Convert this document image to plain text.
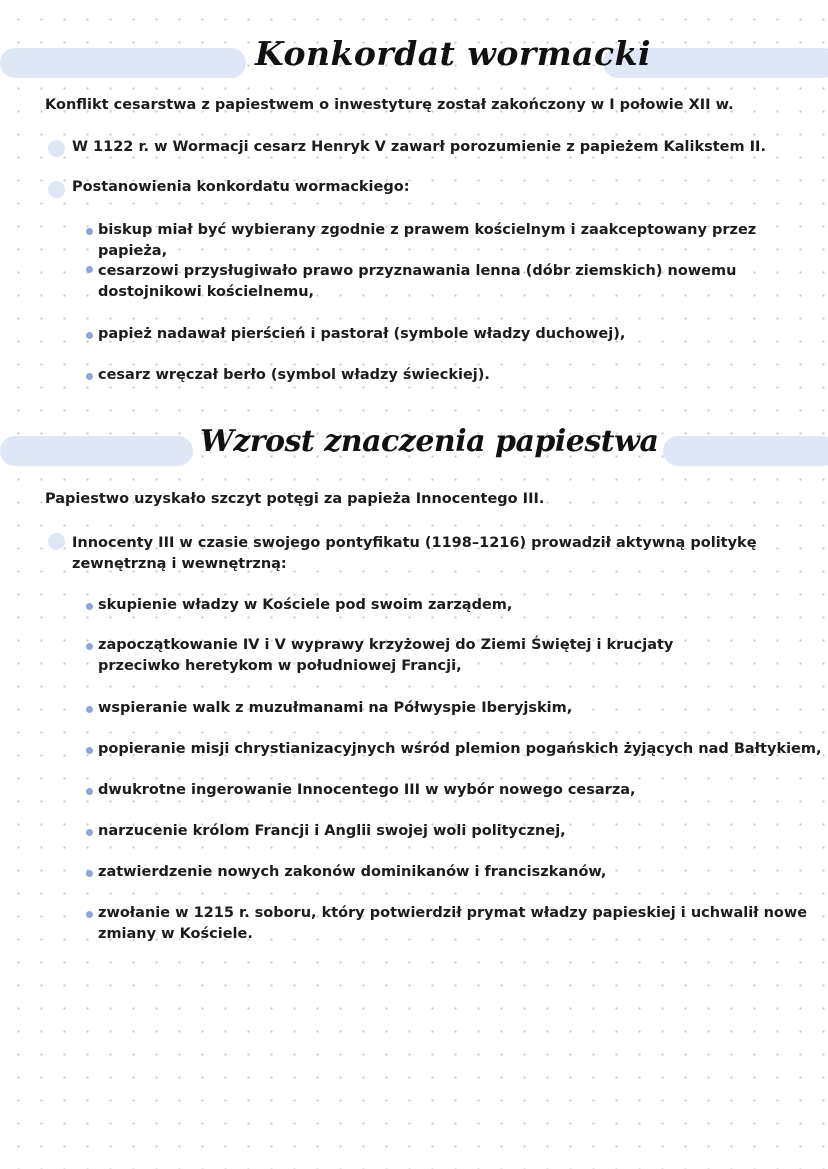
Konkordat wormacki

Konflikt cesarstwa z papiestwem o inwestyturę został zakończony w I połowie XII w.

W 1122 r. w Wormacji cesarz Henryk V zawarł porozumienie z papieżem Kalikstem II.

Postanowienia konkordatu wormackiego:

biskup miał być wybierany zgodnie z prawem kościelnym i zaakceptowany przez papieża,

cesarzowi przysługiwało prawo przyznawania lenna (dóbr ziemskich) nowemu dostojnikowi kościelnemu,

papież nadawał pierścień i pastorał (symbole władzy duchowej),

cesarz wręczał berło (symbol władzy świeckiej).

Wzrost znaczenia papiestwa

Papiestwo uzyskało szczyt potęgi za papieża Innocentego III.

Innocenty III w czasie swojego pontyfikatu (1198–1216) prowadził aktywną politykę zewnętrzną i wewnętrzną:

skupienie władzy w Kościele pod swoim zarządem,

zapoczątkowanie IV i V wyprawy krzyżowej do Ziemi Świętej i krucjaty przeciwko heretykom w południowej Francji,

wspieranie walk z muzułmanami na Półwyspie Iberyjskim,

popieranie misji chrystianizacyjnych wśród plemion pogańskich żyjących nad Bałtykiem,

dwukrotne ingerowanie Innocentego III w wybór nowego cesarza,

narzucenie królom Francji i Anglii swojej woli politycznej,

zatwierdzenie nowych zakonów dominikanów i franciszkanów,

zwołanie w 1215 r. soboru, który potwierdził prymat władzy papieskiej i uchwalił nowe zmiany w Kościele.
